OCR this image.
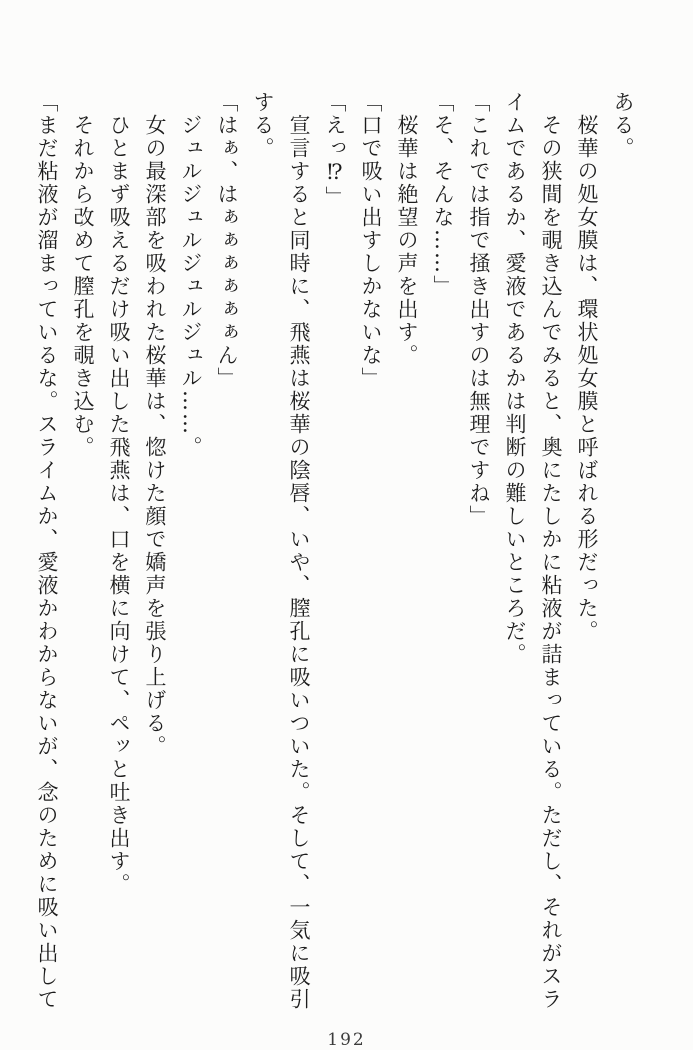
ある。

桜華の処女膜は、環状処女膜と呼ばれる形だった。

その狭間を覗き込んでみると、奥にたしかに粘液が詰まっている。ただし、それがスラ

イムであるか、愛液であるかは判断の難しいところだ。

「これでは指で掻き出すのは無理ですね」

「そ、そんな……」

桜華は絶望の声を出す。

「口で吸い出すしかないな」

「えっ⁉」

宣言すると同時に、飛燕は桜華の陰唇、いや、膣孔に吸いついた。そして、一気に吸引

する。

「はぁ、はぁぁぁぁぁぁん」

ジュルジュルジュルジュル……。

女の最深部を吸われた桜華は、惚けた顔で嬌声を張り上げる。

ひとまず吸えるだけ吸い出した飛燕は、口を横に向けて、ペッと吐き出す。

それから改めて膣孔を覗き込む。

「まだ粘液が溜まっているな。スライムか、愛液かわからないが、念のために吸い出して

192
